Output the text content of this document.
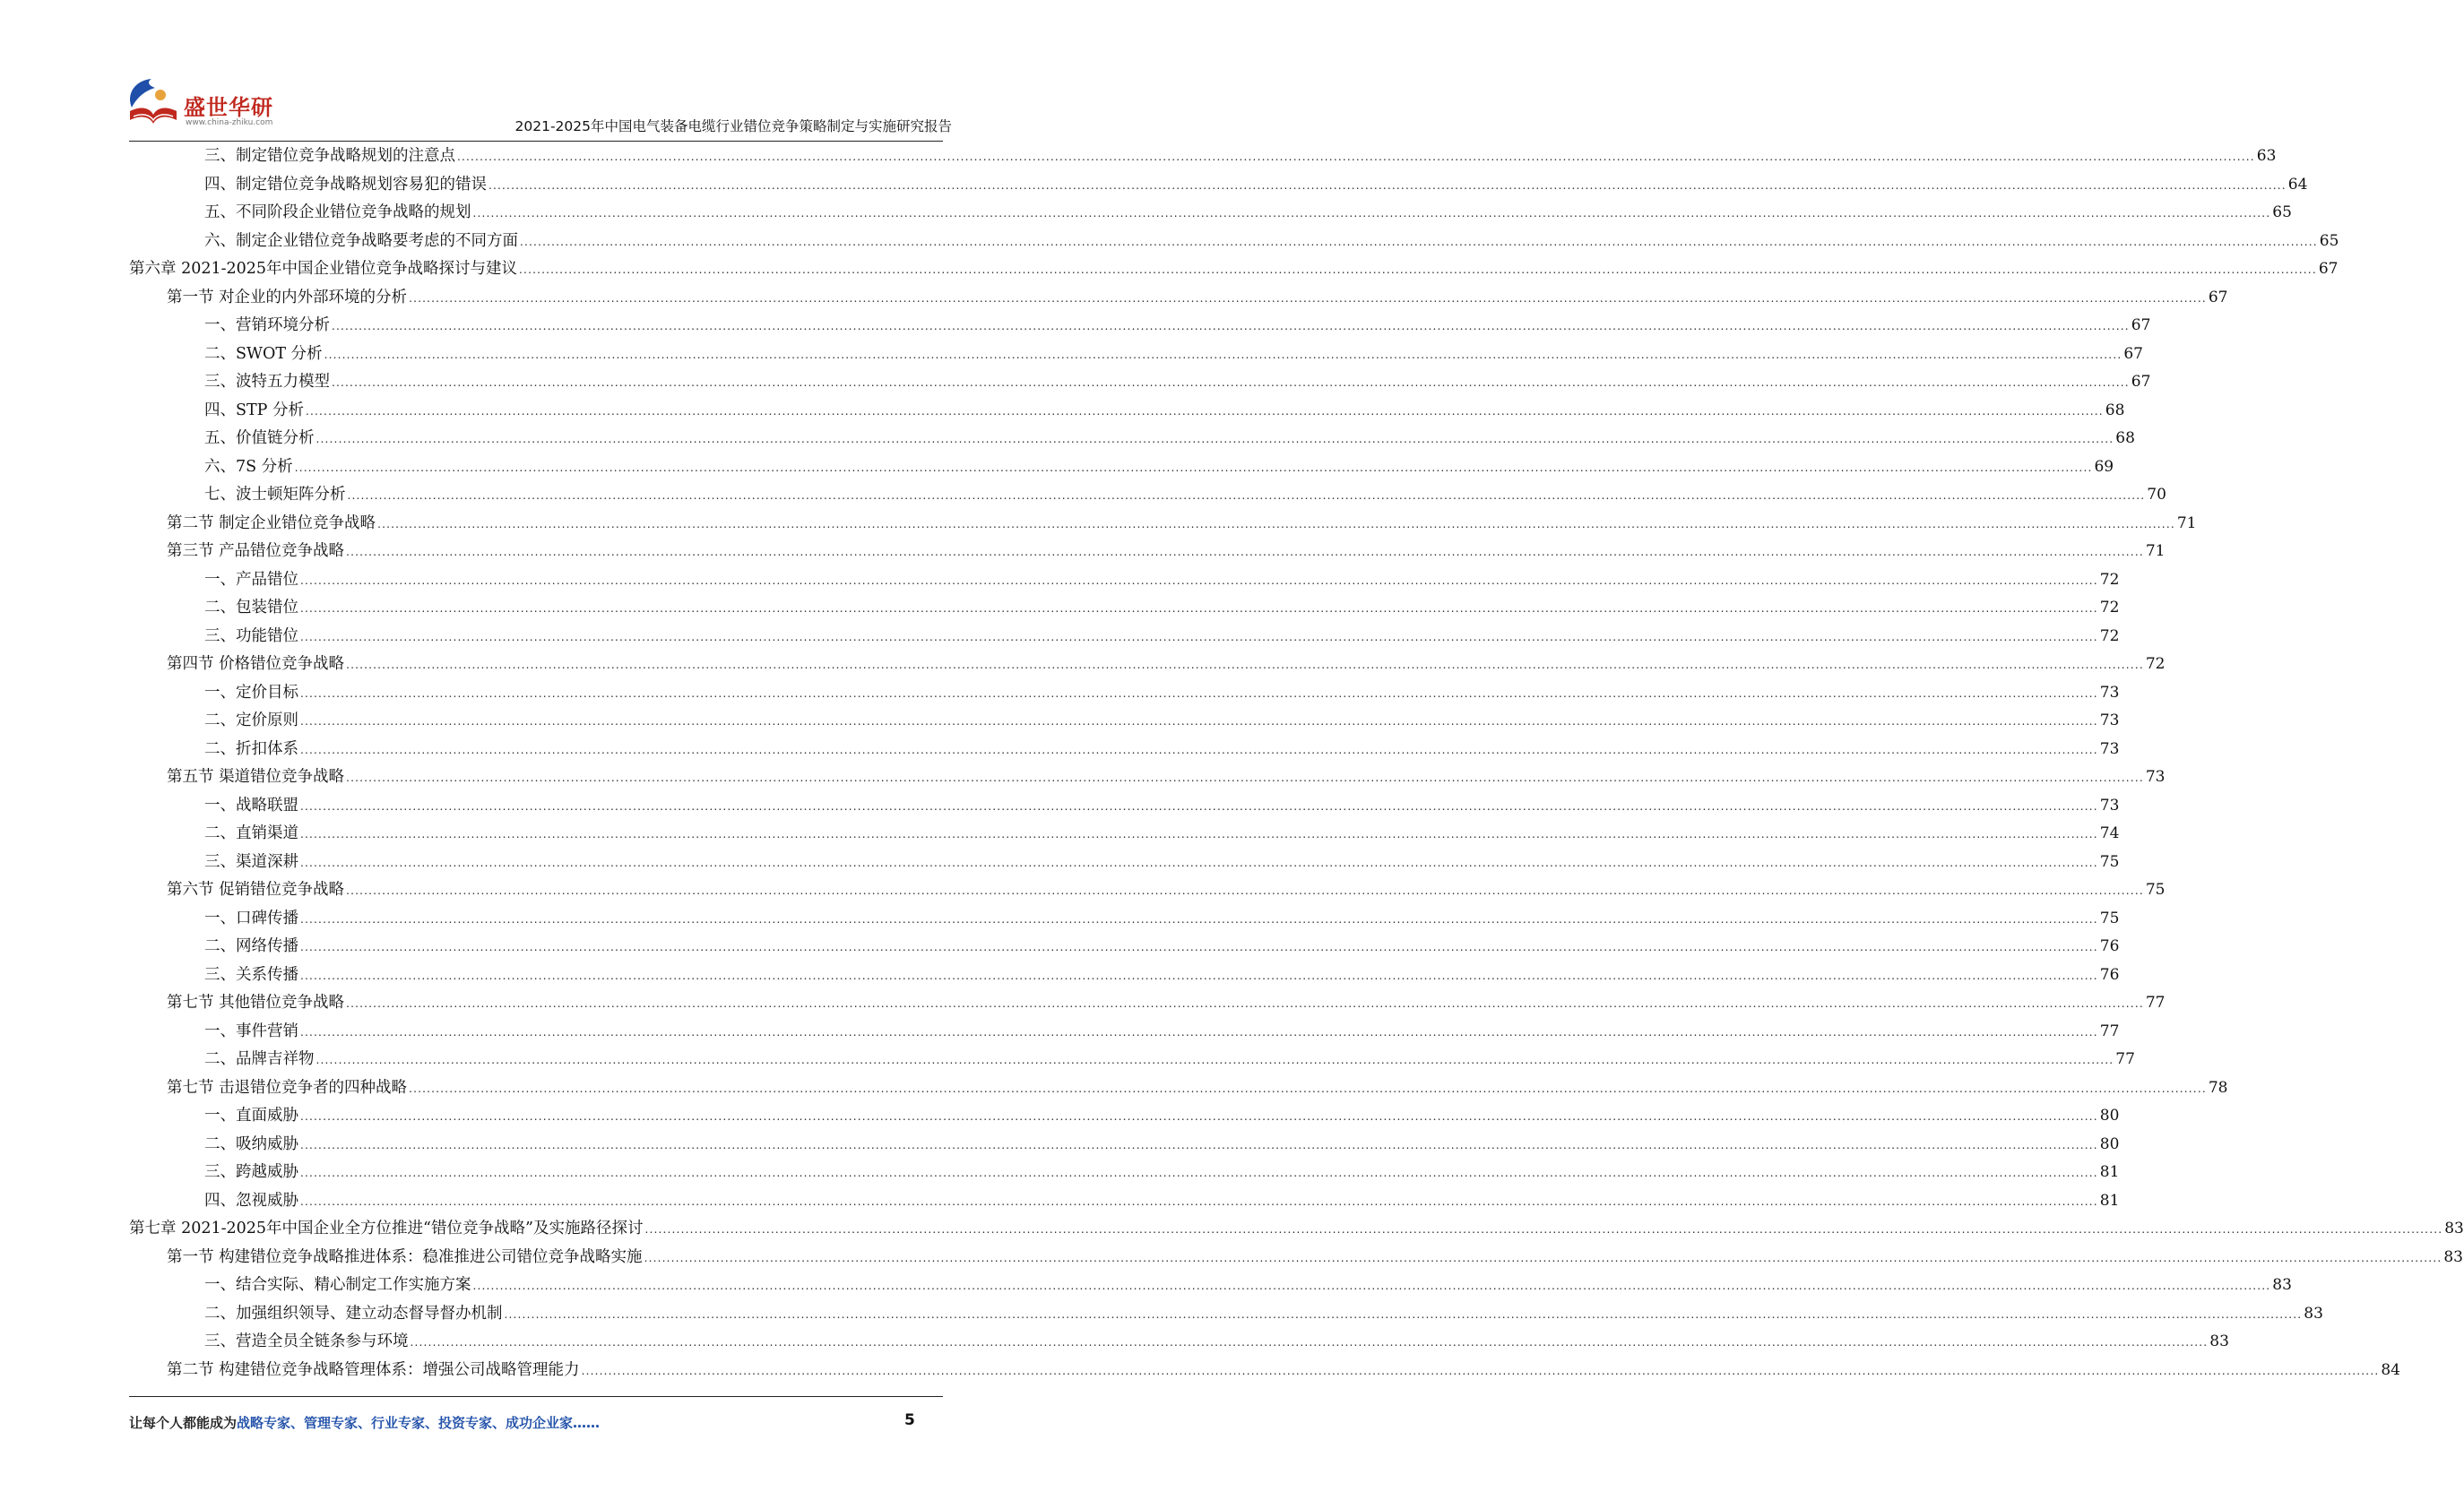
盛世华研
www.china-zhiku.com	2021-2025年中国电气装备电缆行业错位竞争策略制定与实施研究报告
三、制定错位竞争战略规划的注意点 ................................................................................................................................................................................................................................................................................................................................................................................................................ 63
四、制定错位竞争战略规划容易犯的错误 ................................................................................................................................................................................................................................................................................................................................................................................................................ 64
五、不同阶段企业错位竞争战略的规划 ................................................................................................................................................................................................................................................................................................................................................................................................................ 65
六、制定企业错位竞争战略要考虑的不同方面 ................................................................................................................................................................................................................................................................................................................................................................................................................ 65
第六章 2021-2025年中国企业错位竞争战略探讨与建议 ................................................................................................................................................................................................................................................................................................................................................................................................................ 67
第一节 对企业的内外部环境的分析 ................................................................................................................................................................................................................................................................................................................................................................................................................ 67
一、营销环境分析 ................................................................................................................................................................................................................................................................................................................................................................................................................ 67
二、SWOT 分析 ................................................................................................................................................................................................................................................................................................................................................................................................................ 67
三、波特五力模型 ................................................................................................................................................................................................................................................................................................................................................................................................................ 67
四、STP 分析 ................................................................................................................................................................................................................................................................................................................................................................................................................ 68
五、价值链分析 ................................................................................................................................................................................................................................................................................................................................................................................................................ 68
六、7S 分析 ................................................................................................................................................................................................................................................................................................................................................................................................................ 69
七、波士顿矩阵分析 ................................................................................................................................................................................................................................................................................................................................................................................................................ 70
第二节 制定企业错位竞争战略 ................................................................................................................................................................................................................................................................................................................................................................................................................ 71
第三节 产品错位竞争战略 ................................................................................................................................................................................................................................................................................................................................................................................................................ 71
一、产品错位 ................................................................................................................................................................................................................................................................................................................................................................................................................ 72
二、包装错位 ................................................................................................................................................................................................................................................................................................................................................................................................................ 72
三、功能错位 ................................................................................................................................................................................................................................................................................................................................................................................................................ 72
第四节 价格错位竞争战略 ................................................................................................................................................................................................................................................................................................................................................................................................................ 72
一、定价目标 ................................................................................................................................................................................................................................................................................................................................................................................................................ 73
二、定价原则 ................................................................................................................................................................................................................................................................................................................................................................................................................ 73
二、折扣体系 ................................................................................................................................................................................................................................................................................................................................................................................................................ 73
第五节 渠道错位竞争战略 ................................................................................................................................................................................................................................................................................................................................................................................................................ 73
一、战略联盟 ................................................................................................................................................................................................................................................................................................................................................................................................................ 73
二、直销渠道 ................................................................................................................................................................................................................................................................................................................................................................................................................ 74
三、渠道深耕 ................................................................................................................................................................................................................................................................................................................................................................................................................ 75
第六节 促销错位竞争战略 ................................................................................................................................................................................................................................................................................................................................................................................................................ 75
一、口碑传播 ................................................................................................................................................................................................................................................................................................................................................................................................................ 75
二、网络传播 ................................................................................................................................................................................................................................................................................................................................................................................................................ 76
三、关系传播 ................................................................................................................................................................................................................................................................................................................................................................................................................ 76
第七节 其他错位竞争战略 ................................................................................................................................................................................................................................................................................................................................................................................................................ 77
一、事件营销 ................................................................................................................................................................................................................................................................................................................................................................................................................ 77
二、品牌吉祥物 ................................................................................................................................................................................................................................................................................................................................................................................................................ 77
第七节 击退错位竞争者的四种战略 ................................................................................................................................................................................................................................................................................................................................................................................................................ 78
一、直面威胁 ................................................................................................................................................................................................................................................................................................................................................................................................................ 80
二、吸纳威胁 ................................................................................................................................................................................................................................................................................................................................................................................................................ 80
三、跨越威胁 ................................................................................................................................................................................................................................................................................................................................................................................................................ 81
四、忽视威胁 ................................................................................................................................................................................................................................................................................................................................................................................................................ 81
第七章 2021-2025年中国企业全方位推进“错位竞争战略”及实施路径探讨 ................................................................................................................................................................................................................................................................................................................................................................................................................ 83
第一节 构建错位竞争战略推进体系：稳准推进公司错位竞争战略实施 ................................................................................................................................................................................................................................................................................................................................................................................................................ 83
一、结合实际、精心制定工作实施方案 ................................................................................................................................................................................................................................................................................................................................................................................................................ 83
二、加强组织领导、建立动态督导督办机制 ................................................................................................................................................................................................................................................................................................................................................................................................................ 83
三、营造全员全链条参与环境 ................................................................................................................................................................................................................................................................................................................................................................................................................ 83
第二节 构建错位竞争战略管理体系：增强公司战略管理能力 ................................................................................................................................................................................................................................................................................................................................................................................................................ 84
让每个人都能成为战略专家、管理专家、行业专家、投资专家、成功企业家……	5
